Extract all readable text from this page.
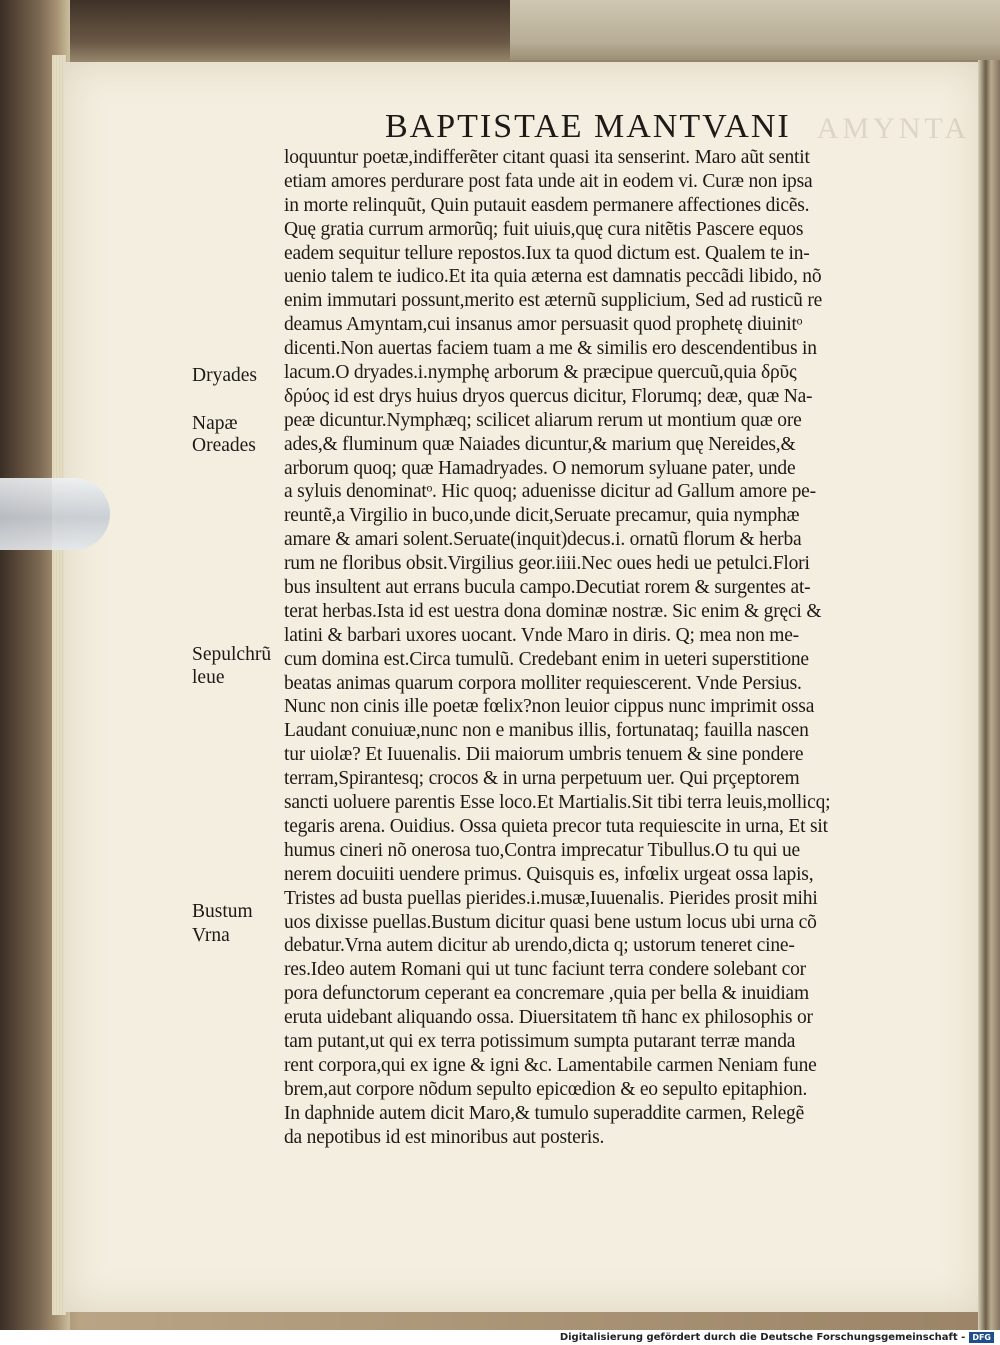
AMYNTA
BAPTISTAE MANTVANI
loquuntur poetæ,indifferẽter citant quasi ita senserint. Maro aũt sentit
etiam amores perdurare post fata unde ait in eodem vi. Curæ non ipsa
in morte relinquũt, Quin putauit easdem permanere affectiones dicẽs.
Quę gratia currum armorũq; fuit uiuis,quę cura nitẽtis Pascere equos
eadem sequitur tellure repostos.Iux ta quod dictum est. Qualem te in-
uenio talem te iudico.Et ita quia æterna est damnatis peccãdi libido, nõ
enim immutari possunt,merito est æternũ supplicium, Sed ad rusticũ re
deamus Amyntam,cui insanus amor persuasit quod prophetę diuinitᵒ
dicenti.Non auertas faciem tuam a me & similis ero descendentibus in
lacum.O dryades.i.nymphę arborum & præcipue quercuũ,quia δρῦς
δρύος id est drys huius dryos quercus dicitur, Florumq; deæ, quæ Na-
peæ dicuntur.Nymphæq; scilicet aliarum rerum ut montium quæ ore
ades,& fluminum quæ Naiades dicuntur,& marium quę Nereides,&
arborum quoq; quæ Hamadryades. O nemorum syluane pater, unde
a syluis denominatᵒ. Hic quoq; aduenisse dicitur ad Gallum amore pe-
reuntẽ,a Virgilio in buco,unde dicit,Seruate precamur, quia nymphæ
amare & amari solent.Seruate(inquit)decus.i. ornatũ florum & herba
rum ne floribus obsit.Virgilius geor.iiii.Nec oues hedi ue petulci.Flori
bus insultent aut errans bucula campo.Decutiat rorem & surgentes at-
terat herbas.Ista id est uestra dona dominæ nostræ. Sic enim & gręci &
latini & barbari uxores uocant. Vnde Maro in diris. Q; mea non me-
cum domina est.Circa tumulũ. Credebant enim in ueteri superstitione
beatas animas quarum corpora molliter requiescerent. Vnde Persius.
Nunc non cinis ille poetæ fœlix?non leuior cippus nunc imprimit ossa
Laudant conuiuæ,nunc non e manibus illis, fortunataq; fauilla nascen
tur uiolæ? Et Iuuenalis. Dii maiorum umbris tenuem & sine pondere
terram,Spirantesq; crocos & in urna perpetuum uer. Qui prçeptorem
sancti uoluere parentis Esse loco.Et Martialis.Sit tibi terra leuis,mollicq;
tegaris arena. Ouidius. Ossa quieta precor tuta requiescite in urna, Et sit
humus cineri nõ onerosa tuo,Contra imprecatur Tibullus.O tu qui ue
nerem docuiiti uendere primus. Quisquis es, infœlix urgeat ossa lapis,
Tristes ad busta puellas pierides.i.musæ,Iuuenalis. Pierides prosit mihi
uos dixisse puellas.Bustum dicitur quasi bene ustum locus ubi urna cõ
debatur.Vrna autem dicitur ab urendo,dicta q; ustorum teneret cine-
res.Ideo autem Romani qui ut tunc faciunt terra condere solebant cor
pora defunctorum ceperant ea concremare ,quia per bella & inuidiam
eruta uidebant aliquando ossa. Diuersitatem tñ hanc ex philosophis or
tam putant,ut qui ex terra potissimum sumpta putarant terræ manda
rent corpora,qui ex igne & igni &c. Lamentabile carmen Neniam fune
brem,aut corpore nõdum sepulto epicœdion & eo sepulto epitaphion.
In daphnide autem dicit Maro,& tumulo superaddite carmen, Relegẽ
da nepotibus id est minoribus aut posteris.
Dryades
Napæ
Oreades
Sepulchrũ
leue
Bustum
Vrna
Digitalisierung gefördert durch die Deutsche Forschungsgemeinschaft - DFG
